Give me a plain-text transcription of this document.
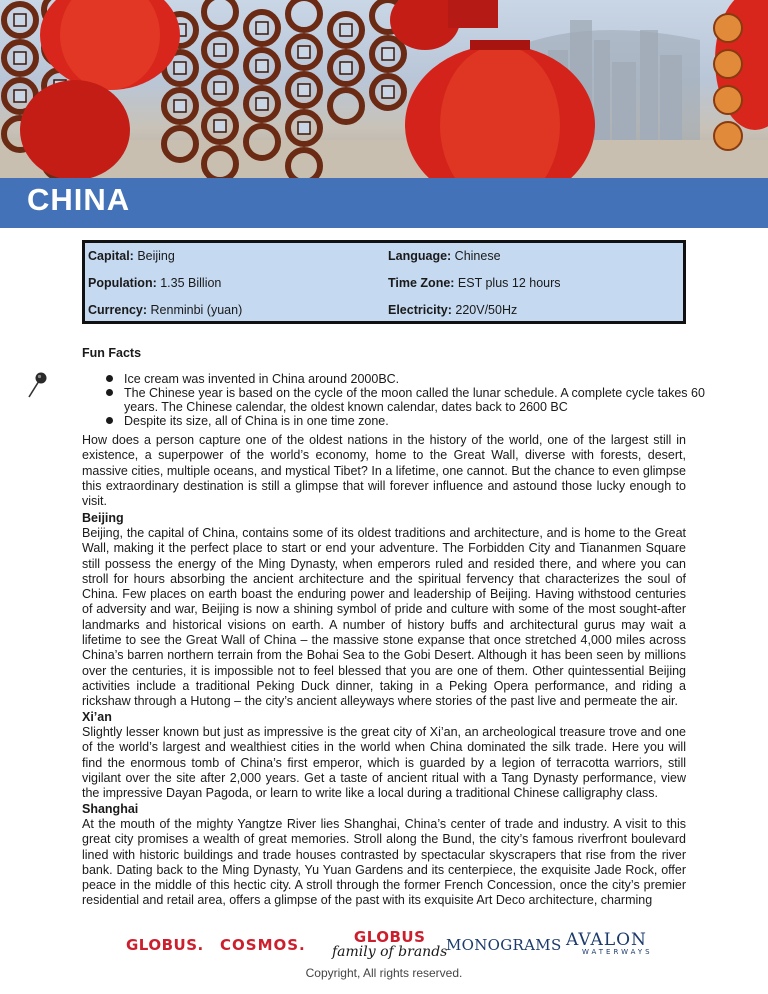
CHINA
Capital: Beijing	Language: Chinese
Population: 1.35 Billion	Time Zone: EST plus 12 hours
Currency: Renminbi (yuan)	Electricity: 220V/50Hz
Fun Facts
Ice cream was invented in China around 2000BC.
The Chinese year is based on the cycle of the moon called the lunar schedule. A complete cycle takes 60 years. The Chinese calendar, the oldest known calendar, dates back to 2600 BC
Despite its size, all of China is in one time zone.

How does a person capture one of the oldest nations in the history of the world, one of the largest still in existence, a superpower of the world’s economy, home to the Great Wall, diverse with forests, desert, massive cities, multiple oceans, and mystical Tibet? In a lifetime, one cannot. But the chance to even glimpse this extraordinary destination is still a glimpse that will forever influence and astound those lucky enough to visit.

Beijing

Beijing, the capital of China, contains some of its oldest traditions and architecture, and is home to the Great Wall, making it the perfect place to start or end your adventure. The Forbidden City and Tiananmen Square still possess the energy of the Ming Dynasty, when emperors ruled and resided there, and where you can stroll for hours absorbing the ancient architecture and the spiritual fervency that characterizes the soul of China. Few places on earth boast the enduring power and leadership of Beijing. Having withstood centuries of adversity and war, Beijing is now a shining symbol of pride and culture with some of the most sought-after landmarks and historical visions on earth. A number of history buffs and architectural gurus may wait a lifetime to see the Great Wall of China – the massive stone expanse that once stretched 4,000 miles across China’s barren northern terrain from the Bohai Sea to the Gobi Desert. Although it has been seen by millions over the centuries, it is impossible not to feel blessed that you are one of them. Other quintessential Beijing activities include a traditional Peking Duck dinner, taking in a Peking Opera performance, and riding a rickshaw through a Hutong – the city’s ancient alleyways where stories of the past live and permeate the air.

Xi’an

Slightly lesser known but just as impressive is the great city of Xi’an, an archeological treasure trove and one of the world’s largest and wealthiest cities in the world when China dominated the silk trade. Here you will find the enormous tomb of China’s first emperor, which is guarded by a legion of terracotta warriors, still vigilant over the site after 2,000 years. Get a taste of ancient ritual with a Tang Dynasty performance, view the impressive Dayan Pagoda, or learn to write like a local during a traditional Chinese calligraphy class.

Shanghai

At the mouth of the mighty Yangtze River lies Shanghai, China’s center of trade and industry. A visit to this great city promises a wealth of great memories. Stroll along the Bund, the city’s famous riverfront boulevard lined with historic buildings and trade houses contrasted by spectacular skyscrapers that rise from the river bank. Dating back to the Ming Dynasty, Yu Yuan Gardens and its centerpiece, the exquisite Jade Rock, offer peace in the middle of this hectic city. A stroll through the former French Concession, once the city’s premier residential and retail area, offers a glimpse of the past with its exquisite Art Deco architecture, charming

GLOBUS. COSMOS.	GLOBUS
family of brands
MONOGRAMS AVALON
WATERWAYS
Copyright, All rights reserved.
